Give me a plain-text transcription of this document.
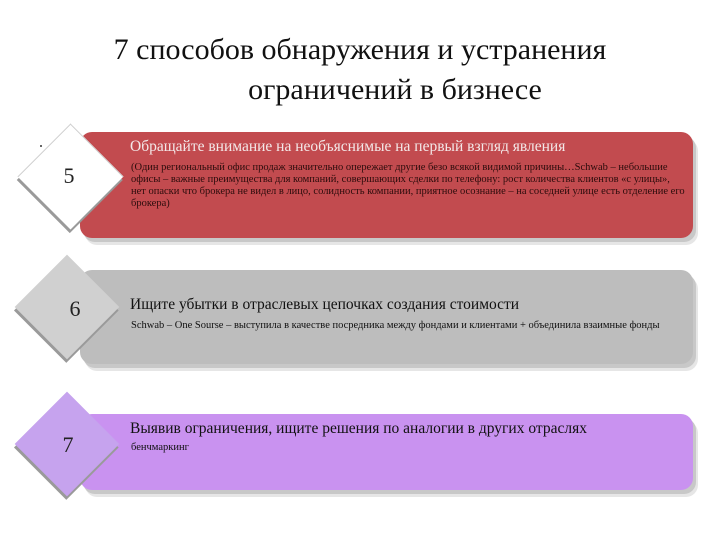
7 способов обнаружения и устранения
ограничений в бизнесе
5
Обращайте внимание на необъяснимые на первый взгляд явления
(Один региональный офис продаж значительно опережает другие безо всякой видимой причины…Schwab – небольшие офисы – важные преимущества для компаний, совершающих сделки по телефону: рост количества клиентов «с улицы», нет опаски что брокера не видел в лицо, солидность компании, приятное осознание – на соседней улице есть отделение его брокера)
6	Ищите убытки в отраслевых цепочках создания стоимости
Schwab – One Sourse – выступила в качестве посредника между фондами и клиентами + объединила взаимные фонды
7
Выявив ограничения, ищите решения по аналогии в других отраслях
бенчмаркинг
